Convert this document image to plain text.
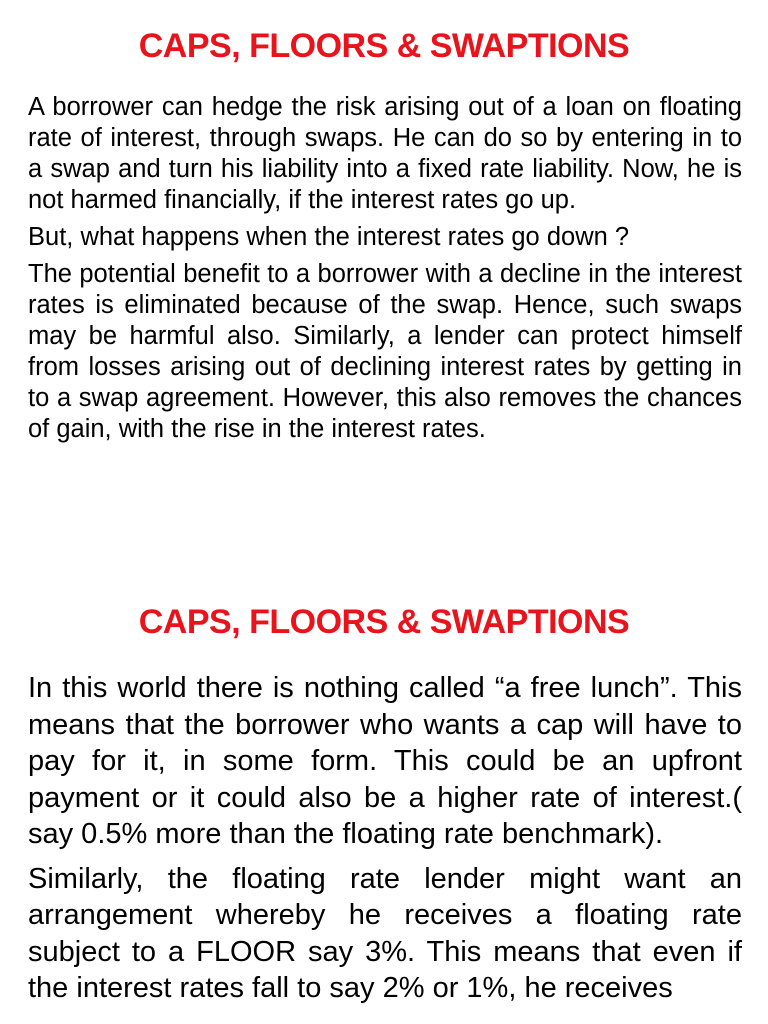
CAPS, FLOORS & SWAPTIONS

A borrower can hedge the risk arising out of a loan on floating rate of interest, through swaps. He can do so by entering in to a swap and turn his liability into a fixed rate liability. Now, he is not harmed financially, if the interest rates go up.

But, what happens when the interest rates go down ?

The potential benefit to a borrower with a decline in the interest rates is eliminated because of the swap. Hence, such swaps may be harmful also. Similarly, a lender can protect himself from losses arising out of declining interest rates by getting in to a swap agreement. However, this also removes the chances of gain, with the rise in the interest rates.

CAPS, FLOORS & SWAPTIONS

In this world there is nothing called “a free lunch”. This means that the borrower who wants a cap will have to pay for it, in some form. This could be an upfront payment or it could also be a higher rate of interest.( say 0.5% more than the floating rate benchmark).

Similarly, the floating rate lender might want an arrangement whereby he receives a floating rate subject to a FLOOR say 3%. This means that even if the interest rates fall to say 2% or 1%, he receives
